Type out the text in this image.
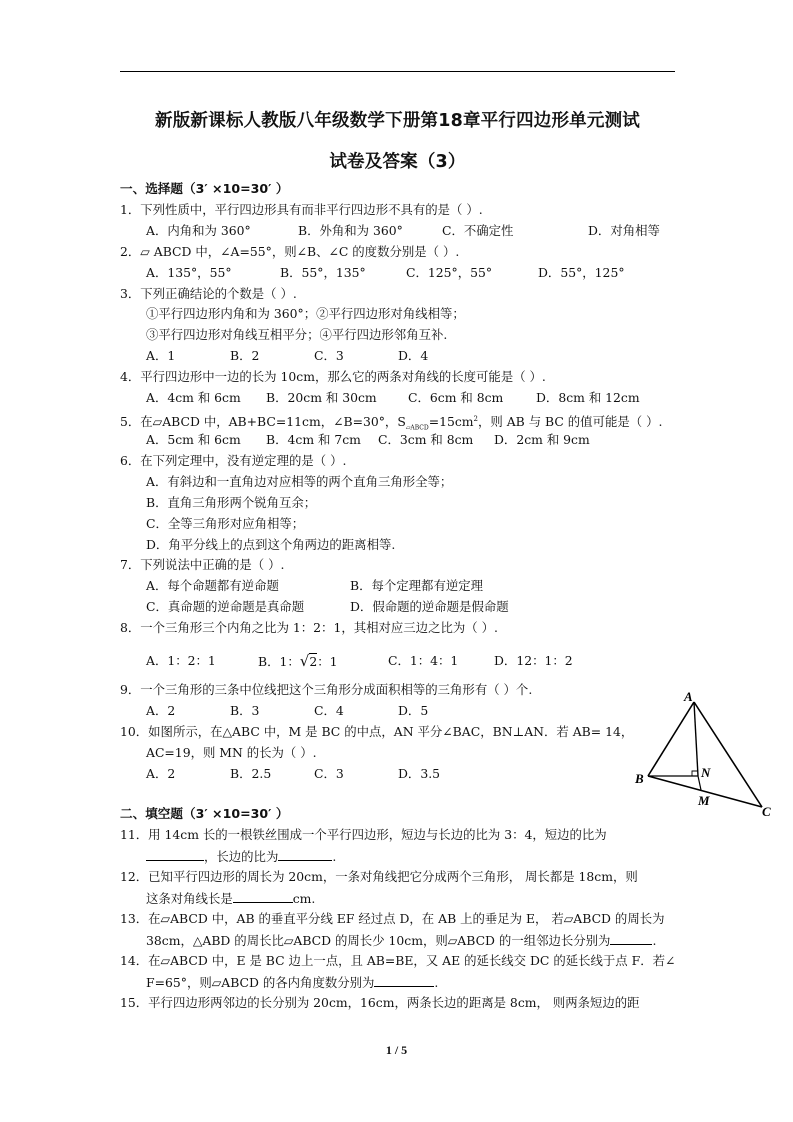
新版新课标人教版八年级数学下册第18章平行四边形单元测试
试卷及答案（3）
一、选择题（3′ ×10=30′ ）
1．下列性质中，平行四边形具有而非平行四边形不具有的是（ ）.
A．内角和为 360°	B．外角和为 360°	C．不确定性	D．对角相等
2．▱ ABCD 中，∠A=55°，则∠B、∠C 的度数分别是（ ）.
A．135°，55°	B．55°，135°	C．125°，55°	D．55°，125°
3．下列正确结论的个数是（ ）.
①平行四边形内角和为 360°；②平行四边形对角线相等；
③平行四边形对角线互相平分；④平行四边形邻角互补.
A．1	B．2	C．3	D．4
4．平行四边形中一边的长为 10cm，那么它的两条对角线的长度可能是（ ）.
A．4cm 和 6cm B．20cm 和 30cm	C．6cm 和 8cm	D．8cm 和 12cm
5．在▱ABCD 中，AB+BC=11cm，∠B=30°，$S_{▱ABCD}=15cm^2$，则 AB 与 BC 的值可能是（ ）.
A．5cm 和 6cm B．4cm 和 7cm C．3cm 和 8cm D．2cm 和 9cm
6．在下列定理中，没有逆定理的是（ ）.
A．有斜边和一直角边对应相等的两个直角三角形全等；
B．直角三角形两个锐角互余；
C．全等三角形对应角相等；
D．角平分线上的点到这个角两边的距离相等.
7．下列说法中正确的是（ ）.
A．每个命题都有逆命题	B．每个定理都有逆定理
C．真命题的逆命题是真命题	D．假命题的逆命题是假命题
8．一个三角形三个内角之比为 1：2：1，其相对应三边之比为（ ）.
A．1：2：1	B．1：√2：1	C．1：4：1	D．12：1：2
9．一个三角形的三条中位线把这个三角形分成面积相等的三角形有（ ）个.
A．2	B．3	C．4	D．5
10．如图所示，在△ABC 中，M 是 BC 的中点，AN 平分∠BAC，BN⊥AN．若 AB= 14，
AC=19，则 MN 的长为（ ）.
A．2	B．2.5	C．3	D．3.5
A
B
C
N
M
二、填空题（3′ ×10=30′ ）
11．用 14cm 长的一根铁丝围成一个平行四边形，短边与长边的比为 3：4，短边的比为
，长边的比为	.
12．已知平行四边形的周长为 20cm，一条对角线把它分成两个三角形， 周长都是 18cm，则
这条对角线长是	cm.
13．在▱ABCD 中，AB 的垂直平分线 EF 经过点 D，在 AB 上的垂足为 E， 若▱ABCD 的周长为
38cm，△ABD 的周长比▱ABCD 的周长少 10cm，则▱ABCD 的一组邻边长分别为	.
14．在▱ABCD 中，E 是 BC 边上一点，且 AB=BE，又 AE 的延长线交 DC 的延长线于点 F．若∠
F=65°，则▱ABCD 的各内角度数分别为	.
15．平行四边形两邻边的长分别为 20cm，16cm，两条长边的距离是 8cm， 则两条短边的距
1 / 5
